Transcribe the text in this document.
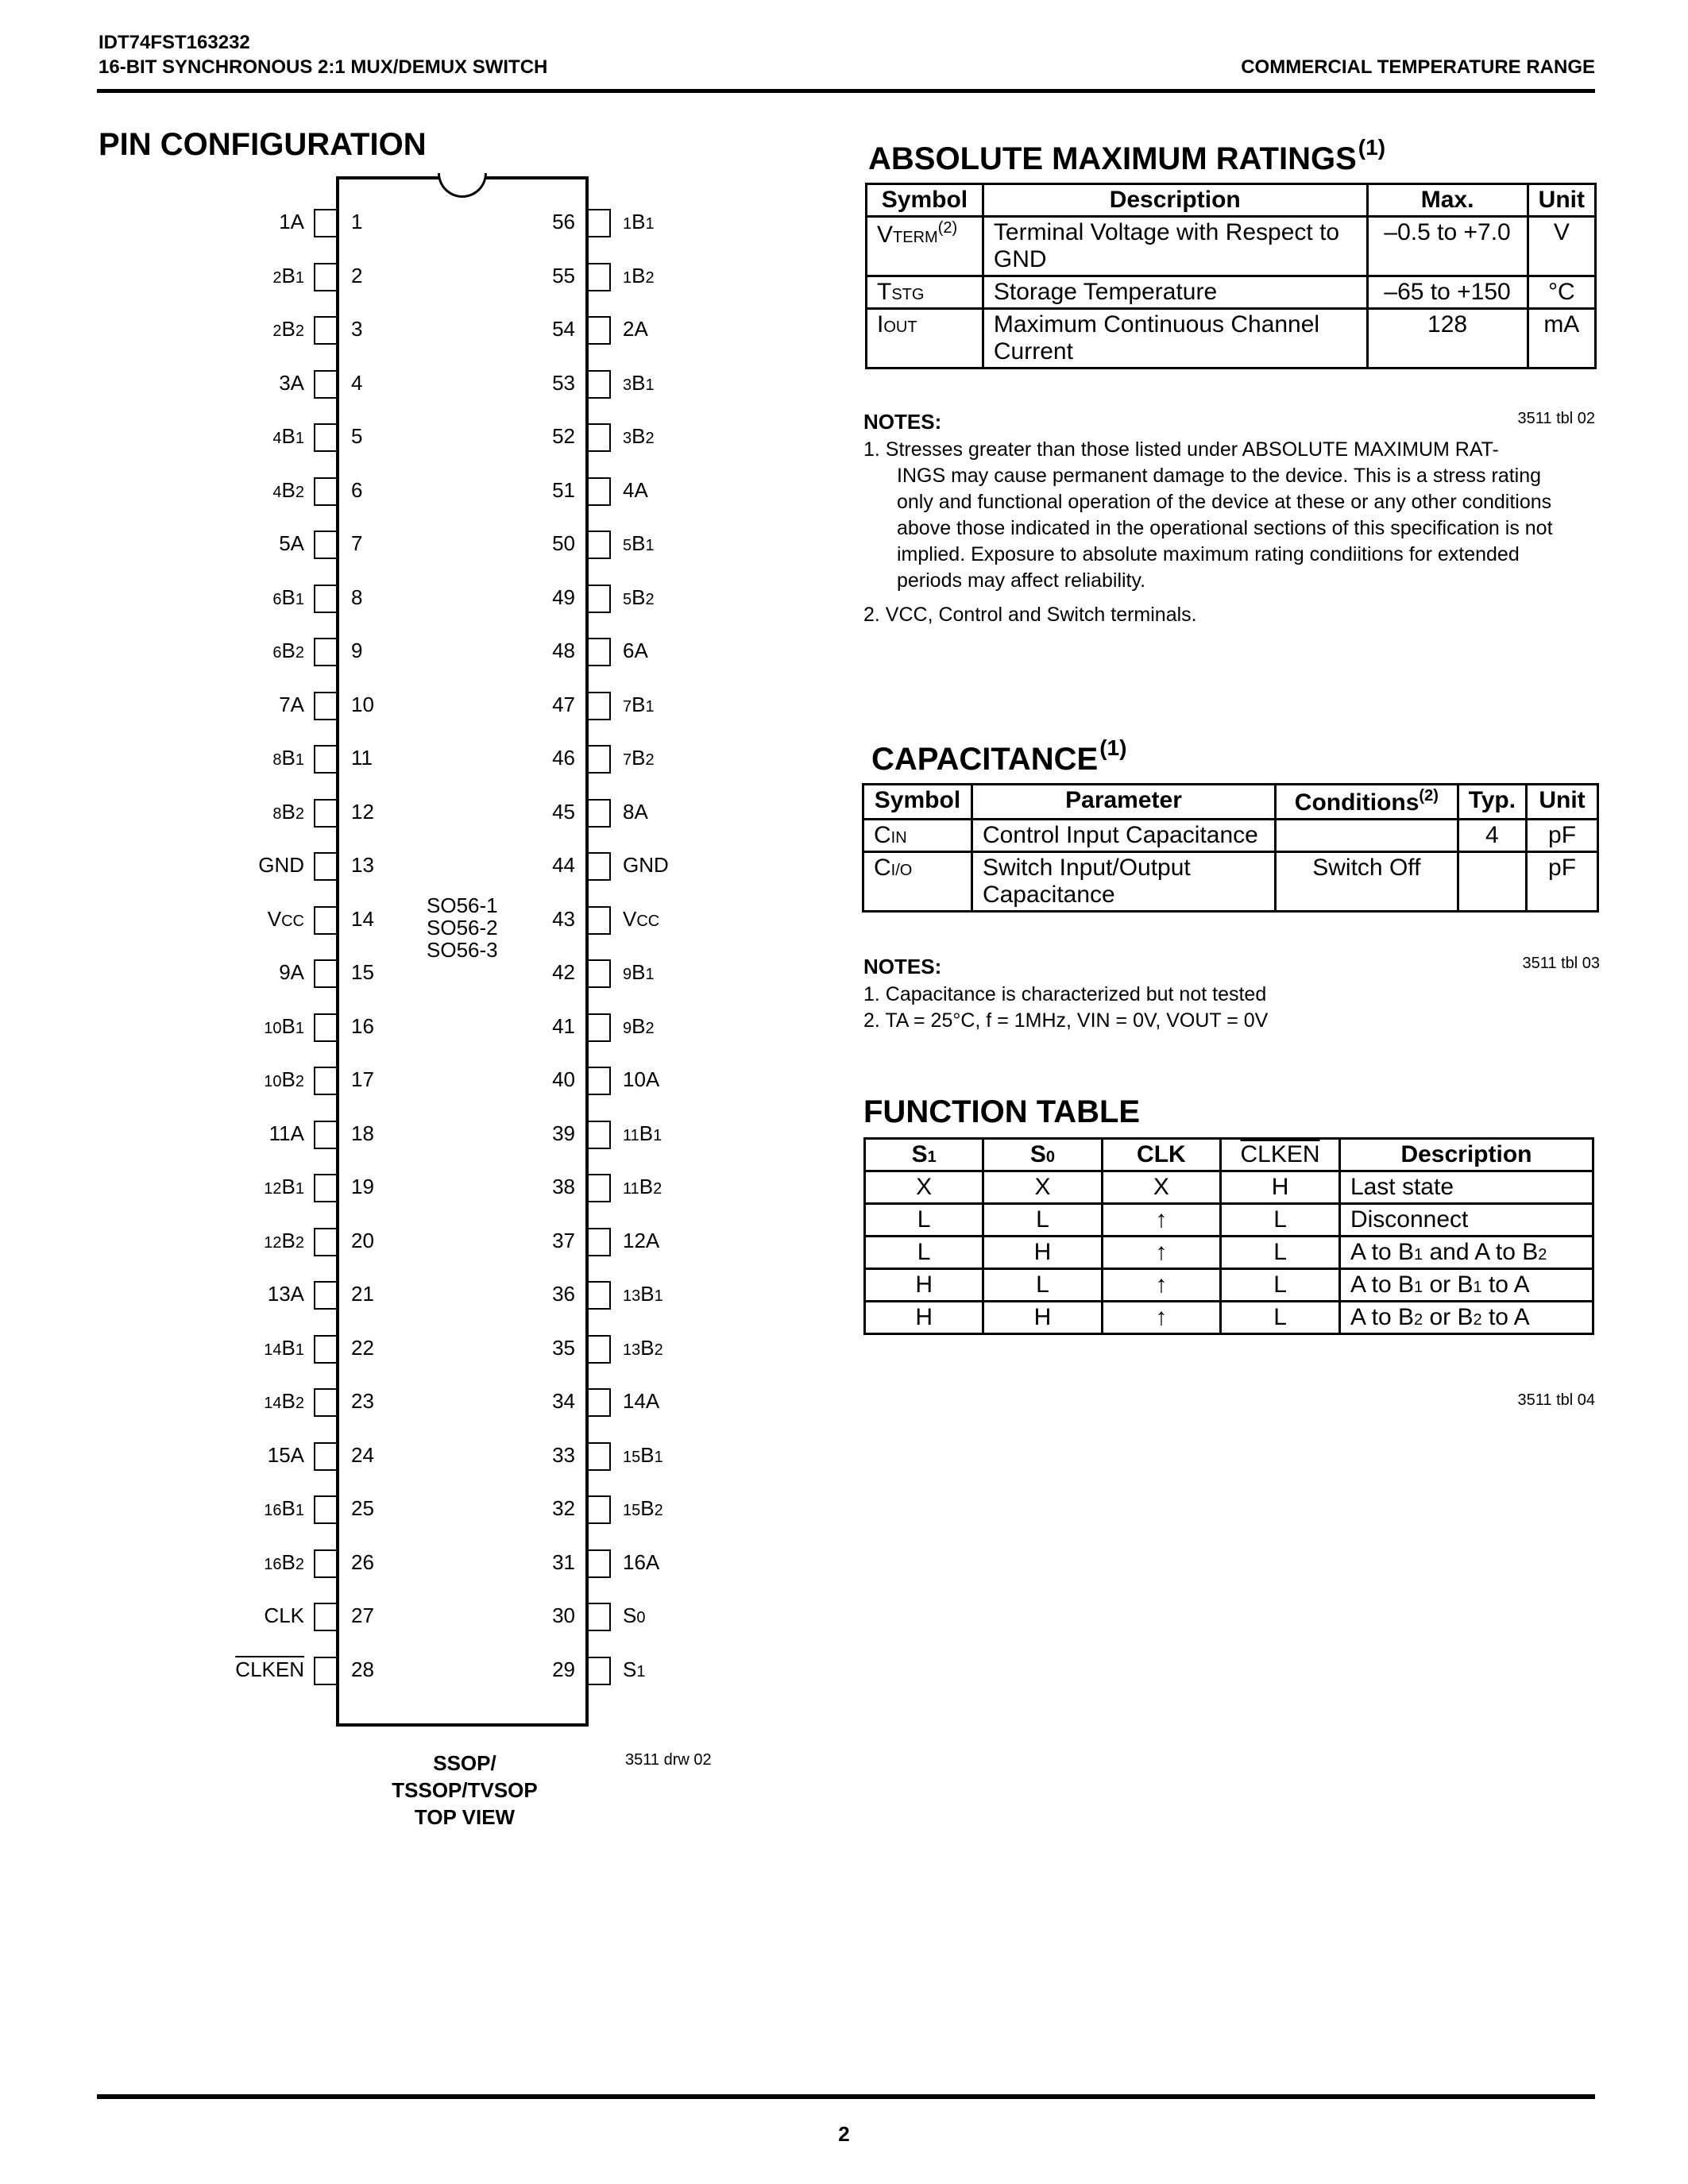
IDT74FST163232
16-BIT SYNCHRONOUS 2:1 MUX/DEMUX SWITCH	COMMERCIAL TEMPERATURE RANGE
PIN CONFIGURATION
1A 1
2B1 2
2B2 3
3A 4
4B1 5
4B2 6
5A 7
6B1 8
6B2 9
7A 10
8B1 11
8B2 12
GND 13
VCC 14
9A 15
10B1 16
10B2 17
11A 18
12B1 19
12B2 20
13A 21
14B1 22
14B2 23
15A 24
16B1 25
16B2 26
CLK 27
CLKEN 28
56	1B1
55	1B2
54 2A
53	3B1
52	3B2
51 4A
50	5B1
49	5B2
48 6A
47	7B1
46	7B2
45 8A
44 GND
43 VCC
42	9B1
41	9B2
40 10A
39	11B1
38	11B2
37 12A
36	13B1
35	13B2
34 14A
33	15B1
32	15B2
31 16A
30 S0
29 S1
SO56-1
SO56-2
SO56-3
SSOP/
TSSOP/TVSOP
TOP VIEW
3511 drw 02
ABSOLUTE MAXIMUM RATINGS$^{(1)}$
Symbol	Description	Max.	Unit
VTERM$^{(2)}$	Terminal Voltage with Respect to GND	–0.5 to +7.0	V
TSTG	Storage Temperature	–65 to +150	°C
IOUT	Maximum Continuous Channel Current	128	mA
NOTES:	3511 tbl 02
1. Stresses greater than those listed under ABSOLUTE MAXIMUM RAT-
INGS may cause permanent damage to the device. This is a stress rating
only and functional operation of the device at these or any other conditions
above those indicated in the operational sections of this specification is not
implied. Exposure to absolute maximum rating condiitions for extended
periods may affect reliability.
2. VCC, Control and Switch terminals.
CAPACITANCE$^{(1)}$
Symbol	Parameter	Conditions$^{(2)}$	Typ.	Unit
CIN	Control Input Capacitance		4	pF
CI/O	Switch Input/Output Capacitance	Switch Off		pF
NOTES:	3511 tbl 03
1. Capacitance is characterized but not tested
2. TA = 25°C, f = 1MHz, VIN = 0V, VOUT = 0V
FUNCTION TABLE
S1	S0	CLK	CLKEN	Description
X	X	X	H	Last state
L	L	↑	L	Disconnect
L	H	↑	L	A to B1 and A to B2
H	L	↑	L	A to B1 or B1 to A
H	H	↑	L	A to B2 or B2 to A
3511 tbl 04
2
